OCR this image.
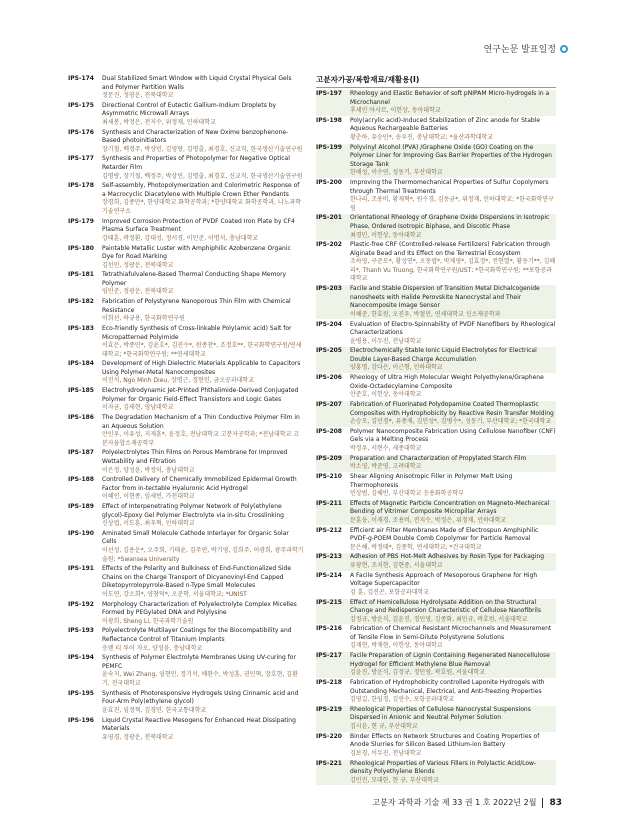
연구논문 발표일정
IPS-174	Dual Stabilized Smart Window with Liquid Crystal Physical Gels and Polymer Partition Walls
정문진, 정광운, 전북대학교
IPS-175	Directional Control of Eutectic Gallium-Indium Droplets by Asymmetric Microwall Arrays
최세봉, 박정은, 전지수, 위정재, 인하대학교
IPS-176	Synthesis and Characterization of New Oxime benzophenone-Based photoinitiators
장기철, 백정주, 박상민, 김영랑, 김명출, 최경호, 신교직, 한국생산기술연구원
IPS-177	Synthesis and Properties of Photopolymer for Negative Optical Retarder Film
김명랑, 장기철, 백정주, 박상민, 김명출, 최경호, 신교직, 한국생산기술연구원
IPS-178	Self-assembly, Photopolymerization and Colorimetric Response of a Macrocyclic Diacetylene with Multiple Crown Ether Pendants
장경희, 김종만*, 한양대학교 화학공학과; *한양대학교 화학공학과, 나노과학기술연구소
IPS-179	Improved Corrosion Protection of PVDF Coated Iron Plate by CF4 Plasma Surface Treatment
강태훈, 곽정환, 강대성, 정서경, 이민준, 이명석, 충남대학교
IPS-180	Paintable Metallic Luster with Amphiphilic Azobenzene Organic Dye for Road Marking
김선민, 정광운, 전북대학교
IPS-181	Tetrathiafulvalene-Based Thermal Conducting Shape Memory Polymer
임민준, 정광운, 전북대학교
IPS-182	Fabrication of Polystyrene Nanoporous Thin Film with Chemical Resistance
이희선, 하규용, 한국화학연구원
IPS-183	Eco-friendly Synthesis of Cross-linkable Poly(amic acid) Salt for Micropatterned Polyimide
이효은, 박종민*, 김윤호*, 김진수*, 원종찬*, 조정호**, 한국화학연구원/연세대학교; *한국화학연구원; **연세대학교
IPS-184	Development of High Dielectric Materials Applicable to Capacitors Using Polymer-Metal Nanocomposites
이진석, Ngo Minh Dieu, 장명근, 정현민, 금오공과대학교
IPS-185	Electrohydrodynamic Jet-Printed Phthalimide-Derived Conjugated Polymer for Organic Field-Effect Transistors and Logic Gates
이자균, 김세현, 영남대학교
IPS-186	The Degradation Mechanism of a Thin Conductive Polymer Film in an Aqueous Solution
안인우, 이유성, 지재훈*, 윤정호, 전남대학교 고분자공학과; *전남대학교 고분자융합소재공학부
IPS-187	Polyelectrolytes Thin Films on Porous Membrane for Improved Wettability and Filtration
이은정, 양성윤, 박정익, 충남대학교
IPS-188	Controlled Delivery of Chemically Immobilized Epidermal Growth Factor from in-tectable Hyaluronic Acid Hydrogel
이혜인, 이현종, 임세빈, 가천대학교
IPS-189	Effect of Interpenetrating Polymer Network of Poly(ethylene glycol)-Epoxy Gel Polymer Electrolyte via in-situ Crosslinking
신상엽, 이도훈, 최우혁, 인하대학교
IPS-190	Aminated Small Molecule Cathode Interlayer for Organic Solar Cells
이선성, 김용운*, 오주희, 기태윤, 김주연, 박기영, 김희주, 이광희, 광주과학기술원; *Swansea University
IPS-191	Effects of the Polarity and Bulkiness of End-Functionalized Side Chains on the Charge Transport of Dicyanovinyl-End Capped Diketopyrrolopyrrole-Based n-Type Small Molecules
이도연, 강소희*, 양창덕*, 오준학, 서울대학교; *UNIST
IPS-192	Morphology Characterization of Polyelectrolyte Complex Micelles Formed by PEGylated DNA and Polylysine
이광희, Sheng Li, 한국과학기술원
IPS-193	Polyelectrolyte Multilayer Coatings for the Biocompatibility and Reflectance Control of Titanium Implants
응웬 티 투이 자오, 양성윤, 충남대학교
IPS-194	Synthesis of Polymer Electrolyte Membranes Using UV-curing for PEMFC
윤숙지, Wei Zhang, 임현민, 정기석, 배완수, 박성훈, 권민혁, 장호현, 김환기, 전국대학교
IPS-195	Synthesis of Photoresponsive Hydrogels Using Cinnamic acid and Four-Arm Poly(ethylene glycol)
윤효진, 임정혁, 김경민, 한국교통대학교
IPS-196	Liquid Crystal Reactive Mesogens for Enhanced Heat Dissipating Materials
유영경, 정광운, 전북대학교
고분자가공/복합재료/재활용(I)
IPS-197	Rheology and Elastic Behavior of soft pNIPAM Micro-hydrogels in a Microchannel
후세인 아사르, 이헌상, 동아대학교
IPS-198	Poly(acrylic acid)-Induced Stabilization of Zinc anode for Stable Aqueous Rechargeable Batteries
황춘하, 유승민*, 송우진, 충남대학교; *울산과학대학교
IPS-199	Polyvinyl Alcohol (PVA) /Graphene Oxide (GO) Coating on the Polymer Liner for Improving Gas Barrier Properties of the Hydrogen Storage Tank
한해성, 이수연, 성동기, 부산대학교
IPS-200	Improving the Thermomechanical Properties of Sulfur Copolymers through Thermal Treatments
한나리, 조용비, 황재혁*, 원수경, 김동균*, 위정재, 인하대학교; *한국화학연구원
IPS-201	Orientational Rheology of Graphene Oxide Dispersions in Isotropic Phase, Ordered Isotropic Biphase, and Discotic Phase
최경민, 이헌상, 동아대학교
IPS-202	Plastic-free CRF (Controlled-release Fertilizers) Fabrication through Alginate Bead and Its Effect on the Terrestrial Ecosystem
조하영, 구준모*, 황성연*, 오동엽*, 박제영*, 김효정*, 전현열*, 황동기**, 김혜리*, Thanh Vu Truong, 한국화학연구원/UST; *한국화학연구원; **포항공과대학교
IPS-203	Facile and Stable Dispersion of Transition Metal Dichalcogenide nanosheets with Halide Perovskite Nanocrystal and Their Nanocomposite Image Sensor
이혜준, 한효원, 오진우, 박철민, 연세대학교 신소재공학과
IPS-204	Evaluation of Electro-Spinnability of PVDF Nanofibers by Rheological Characterizations
윤병용, 이두진, 전남대학교
IPS-205	Electrochemically Stable Ionic Liquid Electrolytes for Electrical Double Layer-Based Charge Accumulation
양홍명, 강다은, 이근형, 인하대학교
IPS-206	Rheology of Ultra High Molecular Weight Polyethylene/Graphene Oxide-Octadecylamine Composite
안준호, 이헌상, 동아대학교
IPS-207	Fabrication of Fluorinated Polydopamine Coated Thermoplastic Composites with Hydrophobicity by Reactive Resin Transfer Molding
손승모, 김민경*, 유종재, 김민성*, 김병수*, 성동기, 부산대학교; *한국대학교
IPS-208	Polymer Nanocomposite Fabrication Using Cellulose Nanofiber (CNF) Gels via a Melting Process
박정우, 서현수, 세종대학교
IPS-209	Preparation and Characterization of Propylated Starch Film
박소영, 박준영, 고려대학교
IPS-210	Shear Aligning Anisotropic Filler in Polymer Melt Using Thermophoresis
민상범, 김혜빈, 부산대학교 응용화학공학부
IPS-211	Effects of Magnetic Particle Concentration on Magneto-Mechanical Bending of Vitrimer Composite Micropillar Arrays
문훈웅, 이재경, 조용비, 전지수, 박정은, 위정재, 인하대학교
IPS-212	Efficient air Filter Membranes Made of Electrospun Amphiphilic PVDF-g-POEM Double Comb Copolymer for Particle Removal
문은혜, 박정태*, 김종학, 연세대학교; *건국대학교
IPS-213	Adhesion of PBS Hot-Melt Adhesives by Rosin Type for Packaging
류광현, 조치현, 김현중, 서울대학교
IPS-214	A Facile Synthesis Approach of Mesoporous Graphene for High Voltage Supercapacitor
김 훈, 김진곤, 포항공과대학교
IPS-215	Effect of Hemicellulose Hydrolysate Addition on the Structural Change and Redispersion Characteristic of Cellulose Nanofibrils
김정규, 방운식, 김윤진, 정민영, 김종화, 최민규, 곽호원, 서울대학교
IPS-216	Fabrication of Chemical Resistant Microchannels and Measurement of Tensile Flow in Semi-Dilute Polystyrene Solutions
김재현, 박재현, 이헌상, 동아대학교
IPS-217	Facile Preparation of Lignin Containing Regenerated Nanocellulose Hydrogel for Efficient Methylene Blue Removal
김윤진, 방운식, 김정규, 정민영, 곽호원, 서울대학교
IPS-218	Fabrication of Hydrophobicity controlled Laponite Hydrogels with Outstanding Mechanical, Electrical, and Anti-freezing Properties
김영길, 한임경, 김연수, 포항공과대학교
IPS-219	Rheological Properties of Cellulose Nanocrystal Suspensions Dispersed in Anionic and Neutral Polymer Solution
김시윤, 현 규, 부산대학교
IPS-220	Binder Effects on Network Structures and Coating Properties of Anode Slurries for Silicon Based Lithium-ion Battery
김보경, 이두진, 전남대학교
IPS-221	Rheological Properties of Various Fillers in Polylactic Acid/Low-density Polyethylene Blends
김민진, 모대한, 현 규, 부산대학교
고분자 과학과 기술 제 33 권 1 호 2022년 2월	83
